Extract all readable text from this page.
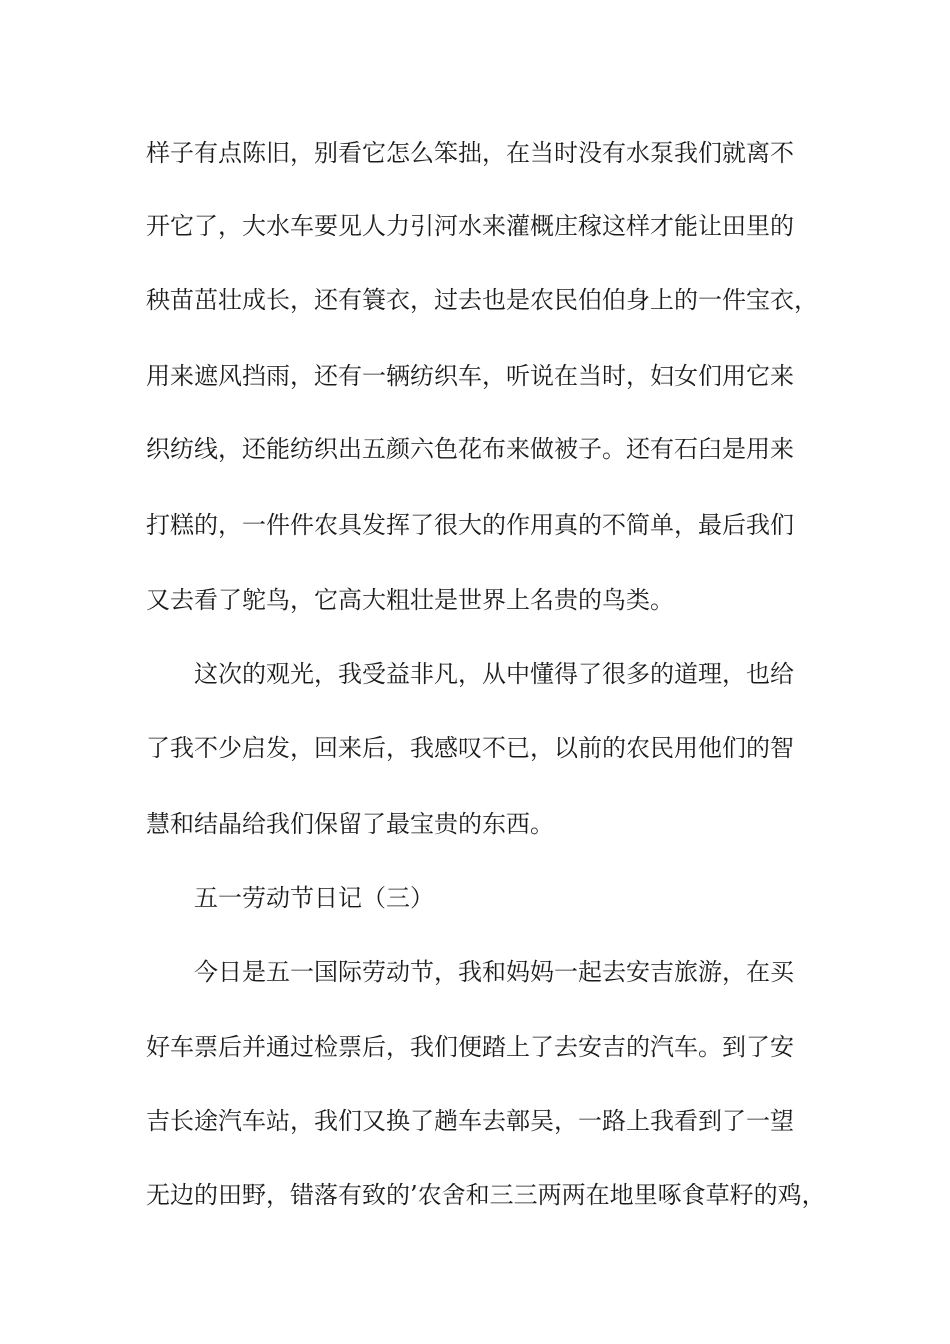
样子有点陈旧，别看它怎么笨拙，在当时没有水泵我们就离不
开它了，大水车要见人力引河水来灌概庄稼这样才能让田里的
秧苗茁壮成长，还有簑衣，过去也是农民伯伯身上的一件宝衣，
用来遮风挡雨，还有一辆纺织车，听说在当时，妇女们用它来
织纺线，还能纺织出五颜六色花布来做被子。还有石臼是用来
打糕的，一件件农具发挥了很大的作用真的不简单，最后我们
又去看了鸵鸟，它高大粗壮是世界上名贵的鸟类。
这次的观光，我受益非凡，从中懂得了很多的道理，也给
了我不少启发，回来后，我感叹不已，以前的农民用他们的智
慧和结晶给我们保留了最宝贵的东西。
五一劳动节日记（三）
今日是五一国际劳动节，我和妈妈一起去安吉旅游，在买
好车票后并通过检票后，我们便踏上了去安吉的汽车。到了安
吉长途汽车站，我们又换了趟车去鄣吴，一路上我看到了一望
无边的田野，错落有致的’农舍和三三两两在地里啄食草籽的鸡，
